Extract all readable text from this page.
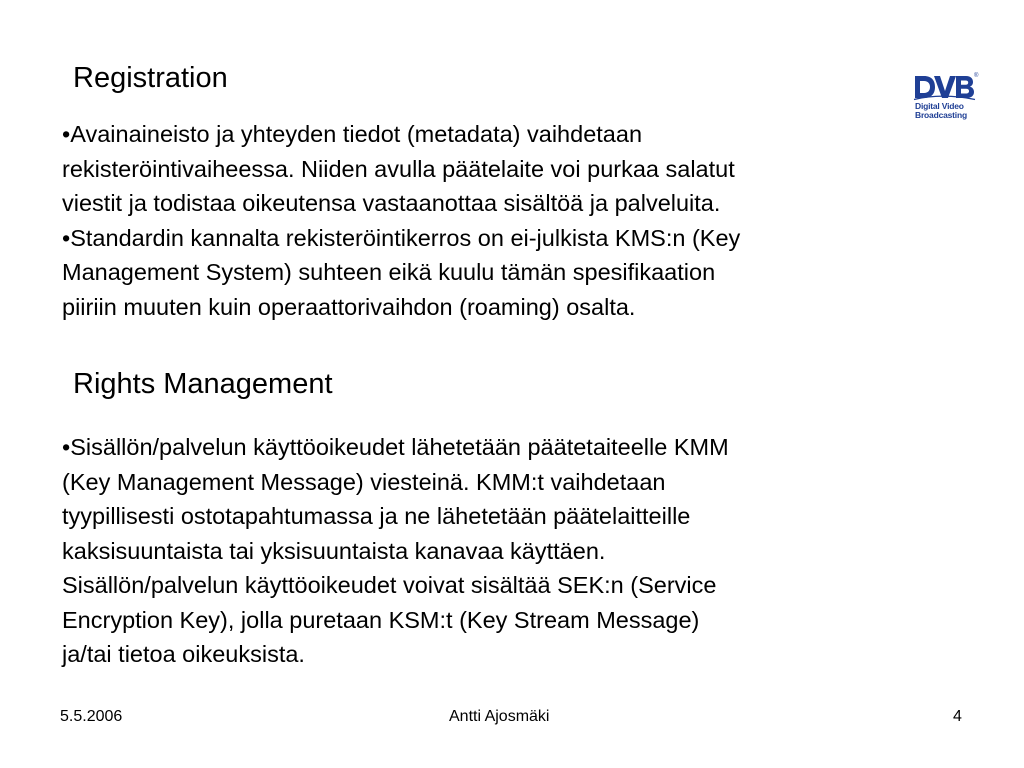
Registration
•Avainaineisto ja yhteyden tiedot (metadata) vaihdetaan
rekisteröintivaiheessa. Niiden avulla päätelaite voi purkaa salatut
viestit ja todistaa oikeutensa vastaanottaa sisältöä ja palveluita.
•Standardin kannalta rekisteröintikerros on ei-julkista KMS:n (Key
Management System) suhteen eikä kuulu tämän spesifikaation
piiriin muuten kuin operaattorivaihdon (roaming) osalta.
Rights Management
•Sisällön/palvelun käyttöoikeudet lähetetään päätetaiteelle KMM
(Key Management Message) viesteinä. KMM:t vaihdetaan
tyypillisesti ostotapahtumassa ja ne lähetetään päätelaitteille
kaksisuuntaista tai yksisuuntaista kanavaa käyttäen.
Sisällön/palvelun käyttöoikeudet voivat sisältää SEK:n (Service
Encryption Key), jolla puretaan KSM:t (Key Stream Message)
ja/tai tietoa oikeuksista.
®
Digital Video
Broadcasting
5.5.2006	Antti Ajosmäki	4
